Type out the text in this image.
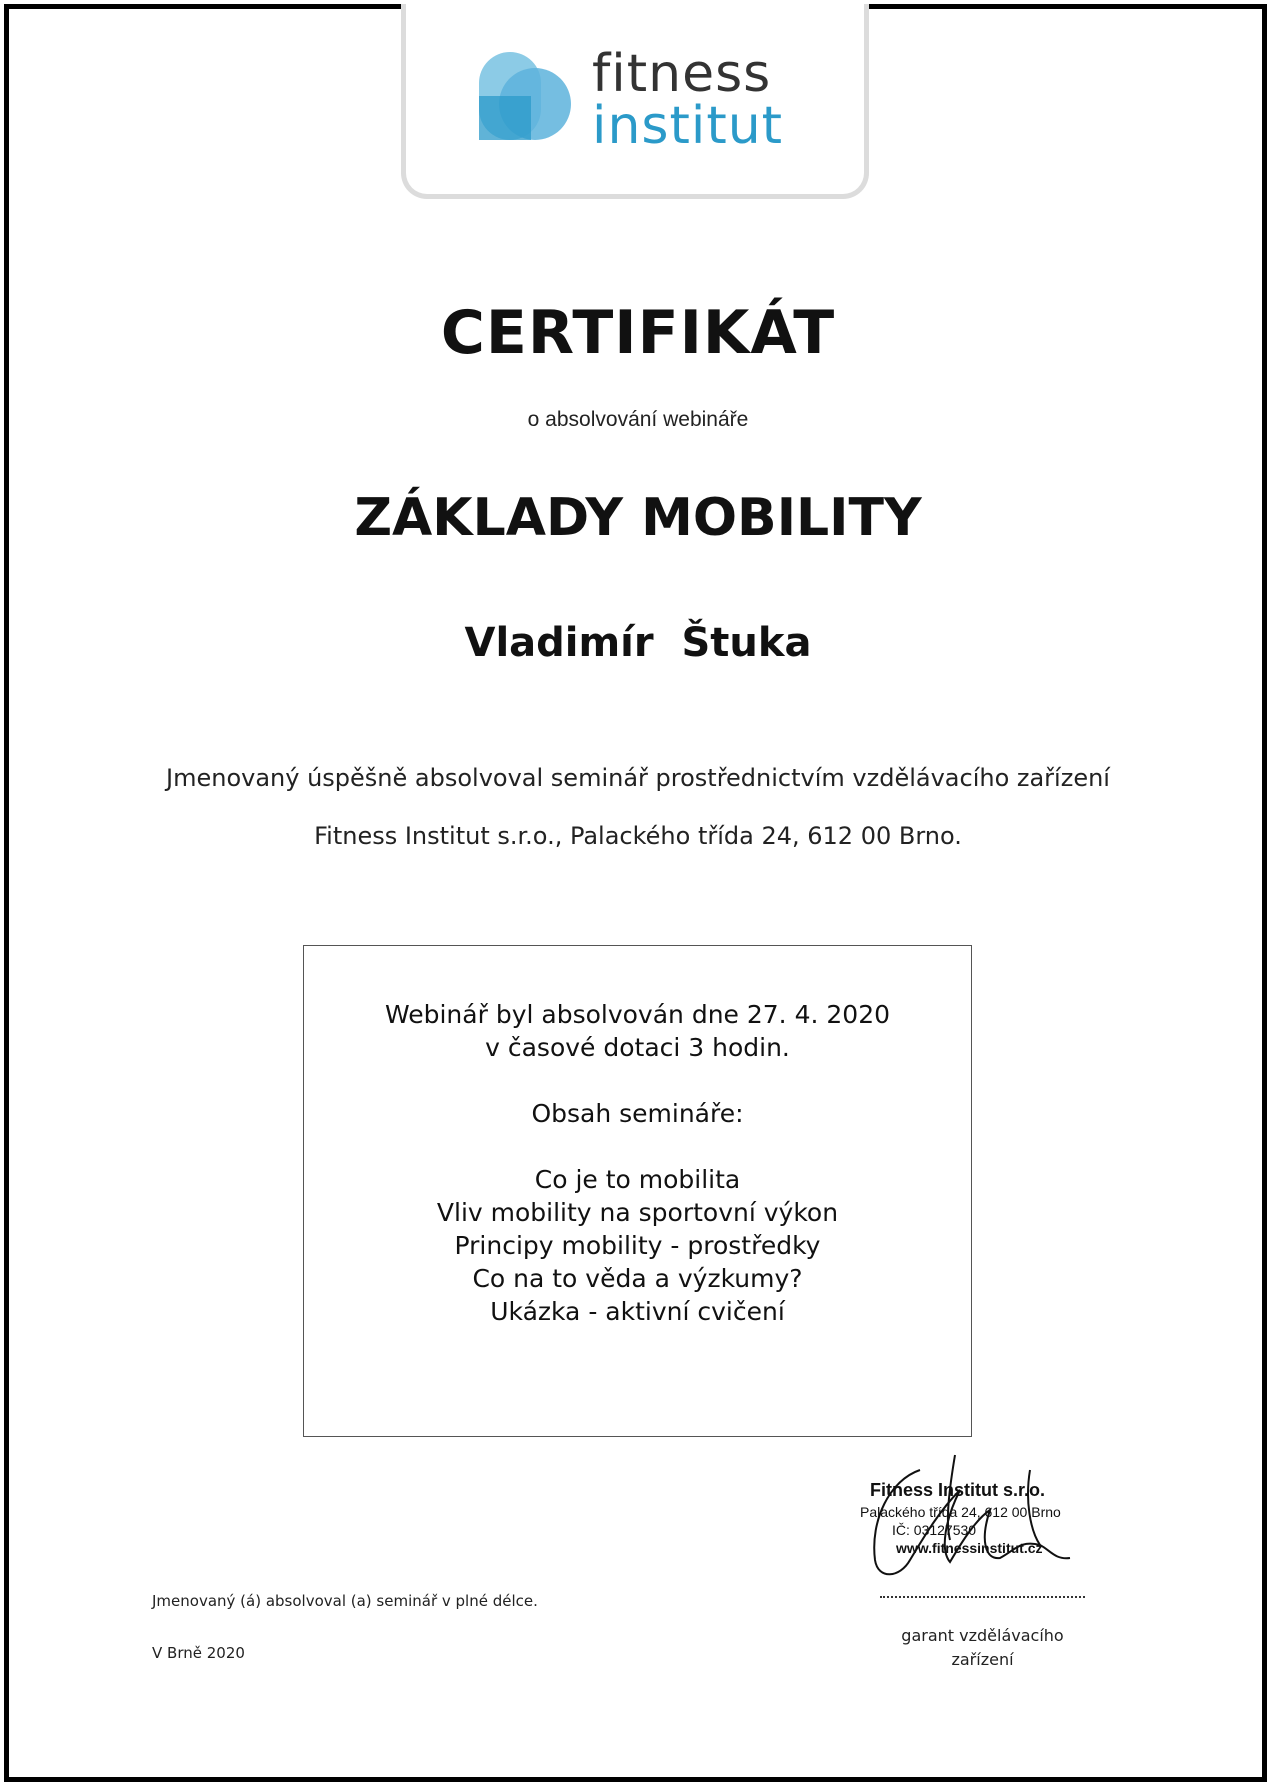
fitness
institut
CERTIFIKÁT
o absolvování webináře
ZÁKLADY MOBILITY
Vladimír  Štuka
Jmenovaný úspěšně absolvoval seminář prostřednictvím vzdělávacího zařízení
Fitness Institut s.r.o., Palackého třída 24, 612 00 Brno.

Webinář byl absolvován dne 27. 4. 2020

v časové dotaci 3 hodin.

Obsah semináře:

Co je to mobilita

Vliv mobility na sportovní výkon

Principy mobility - prostředky

Co na to věda a výzkumy?

Ukázka - aktivní cvičení

Fitness Institut s.r.o.
Palackého třída 24, 612 00 Brno
IČ: 03127530
www.fitnessinstitut.cz
garant vzdělávacího
zařízení
Jmenovaný (á) absolvoval (a) seminář v plné délce.
V Brně 2020
